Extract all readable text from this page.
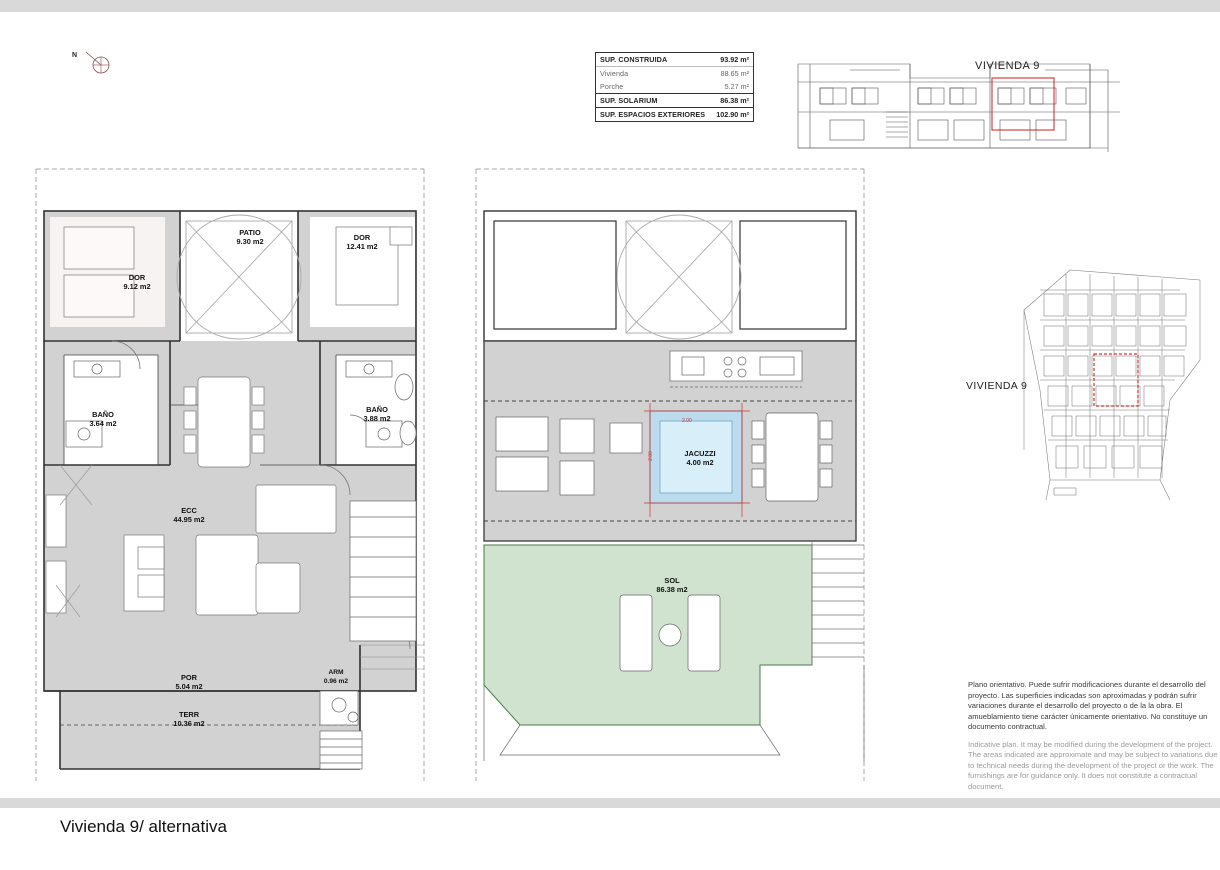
N	SUP. CONSTRUIDA	93.92 m²
Vivienda	88.65 m²
Porche	5.27 m²
SUP. SOLARIUM	86.38 m²
SUP. ESPACIOS EXTERIORES 102.90 m²
VIVIENDA 9
VIVIENDA 9
Plano orientativo. Puede sufrir modificaciones durante el desarrollo del proyecto. Las superficies indicadas son aproximadas y podrán sufrir variaciones durante el desarrollo del proyecto o de la la obra. El amueblamiento tiene carácter únicamente orientativo. No constituye un documento contractual.
Indicative plan. It may be modified during the development of the project. The areas indicated are approximate and may be subject to variations due to technical needs during the development of the project or the work. The furnishings are for guidance only. It does not constitute a contractual document.
PATIO
9.30 m2
DOR
9.12 m2
DOR
12.41 m2
BAÑO
3.64 m2
BAÑO
3.88 m2
ECC
44.95 m2
POR
5.04 m2
TERR
10.36 m2
ARM
0.96 m2
JACUZZI
4.00 m2
SOL
86.38 m2
2.00
2.00
Vivienda 9/ alternativa
